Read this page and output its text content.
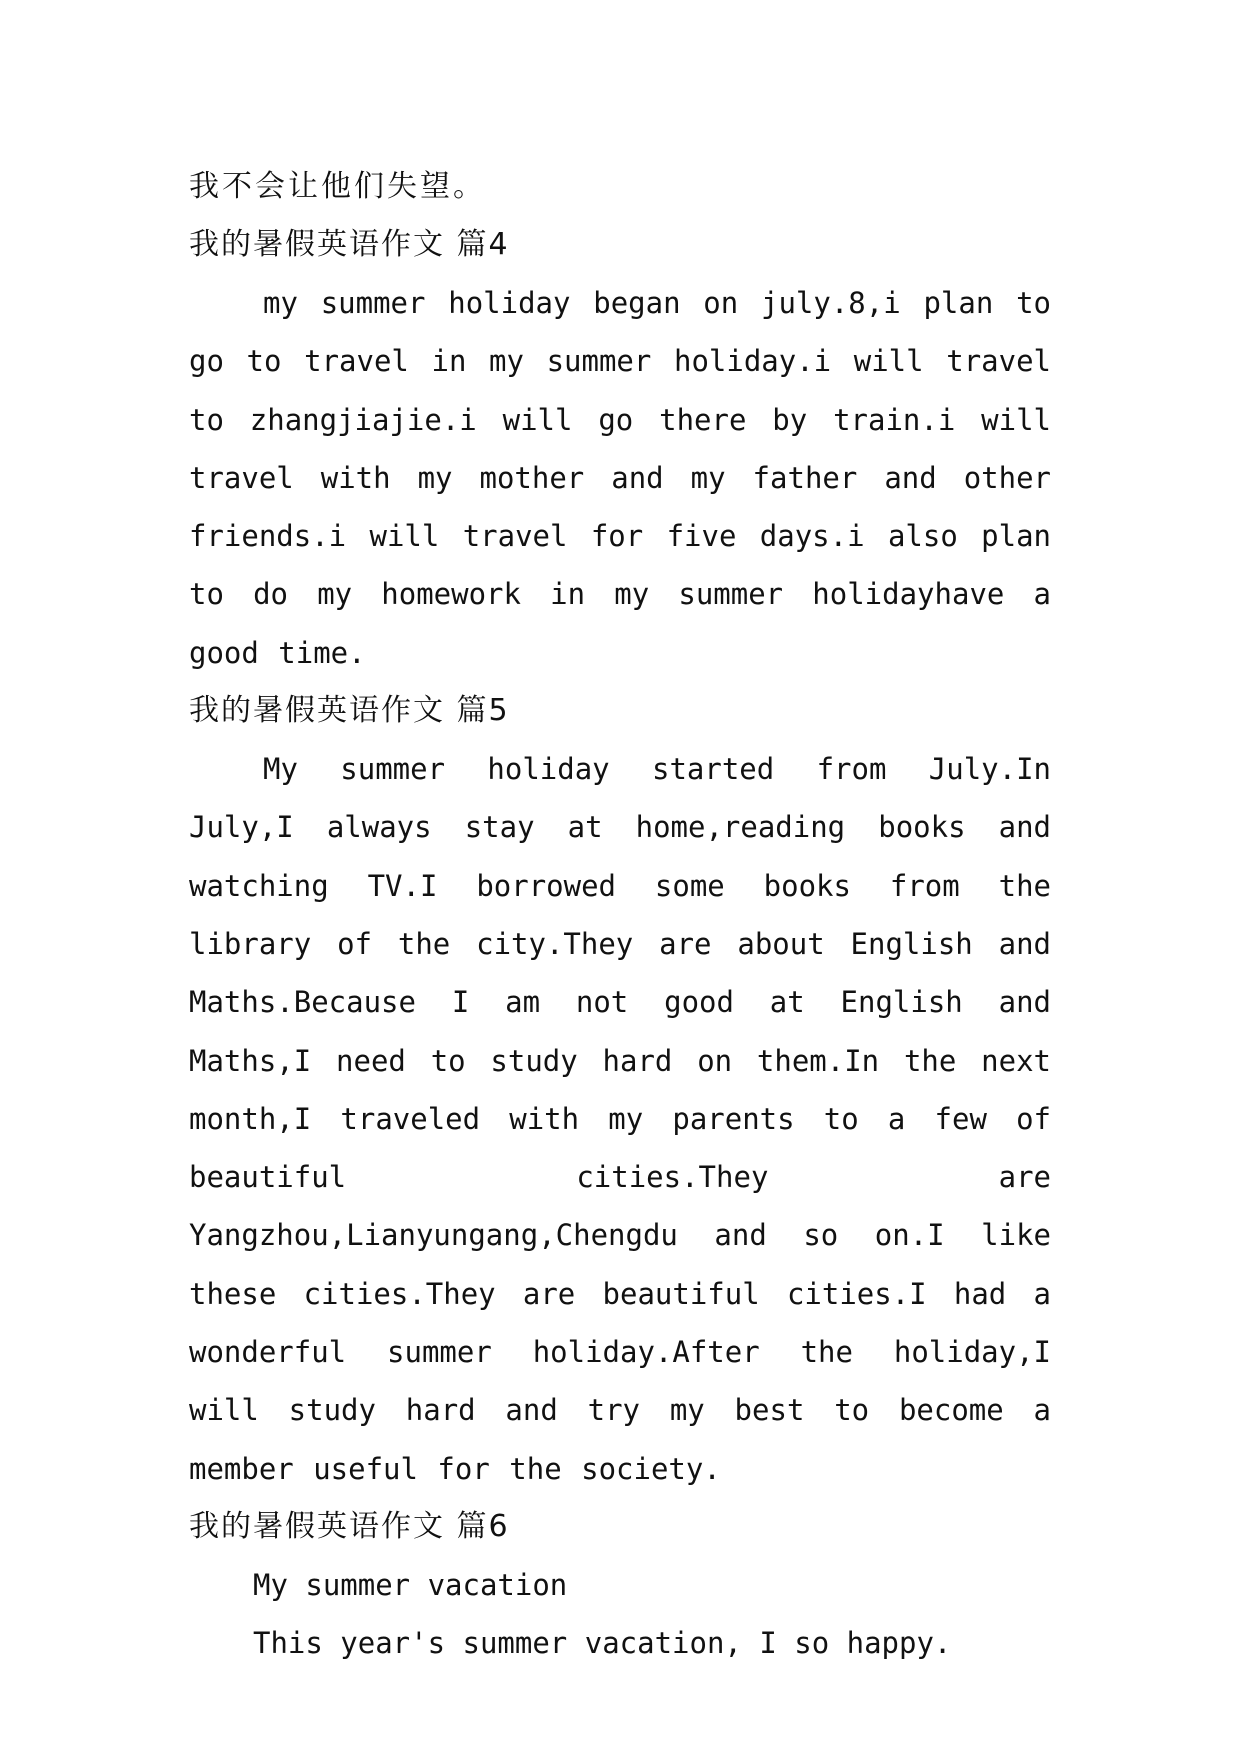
我不会让他们失望。

我的暑假英语作文 篇4

my summer holiday began on july.8,i plan to go to travel in my summer holiday.i will travel to zhangjiajie.i will go there by train.i will travel with my mother and my father and other friends.i will travel for five days.i also plan to do my homework in my summer holidayhave a good time.

我的暑假英语作文 篇5

My summer holiday started from July.In July,I always stay at home,reading books and watching TV.I borrowed some books from the library of the city.They are about English and Maths.Because I am not good at English and Maths,I need to study hard on them.In the next month,I traveled with my parents to a few of beautiful cities.They are Yangzhou,Lianyungang,Chengdu and so on.I like these cities.They are beautiful cities.I had a wonderful summer holiday.After the holiday,I will study hard and try my best to become a member useful for the society.

我的暑假英语作文 篇6

My summer vacation

This year's summer vacation, I so happy.
